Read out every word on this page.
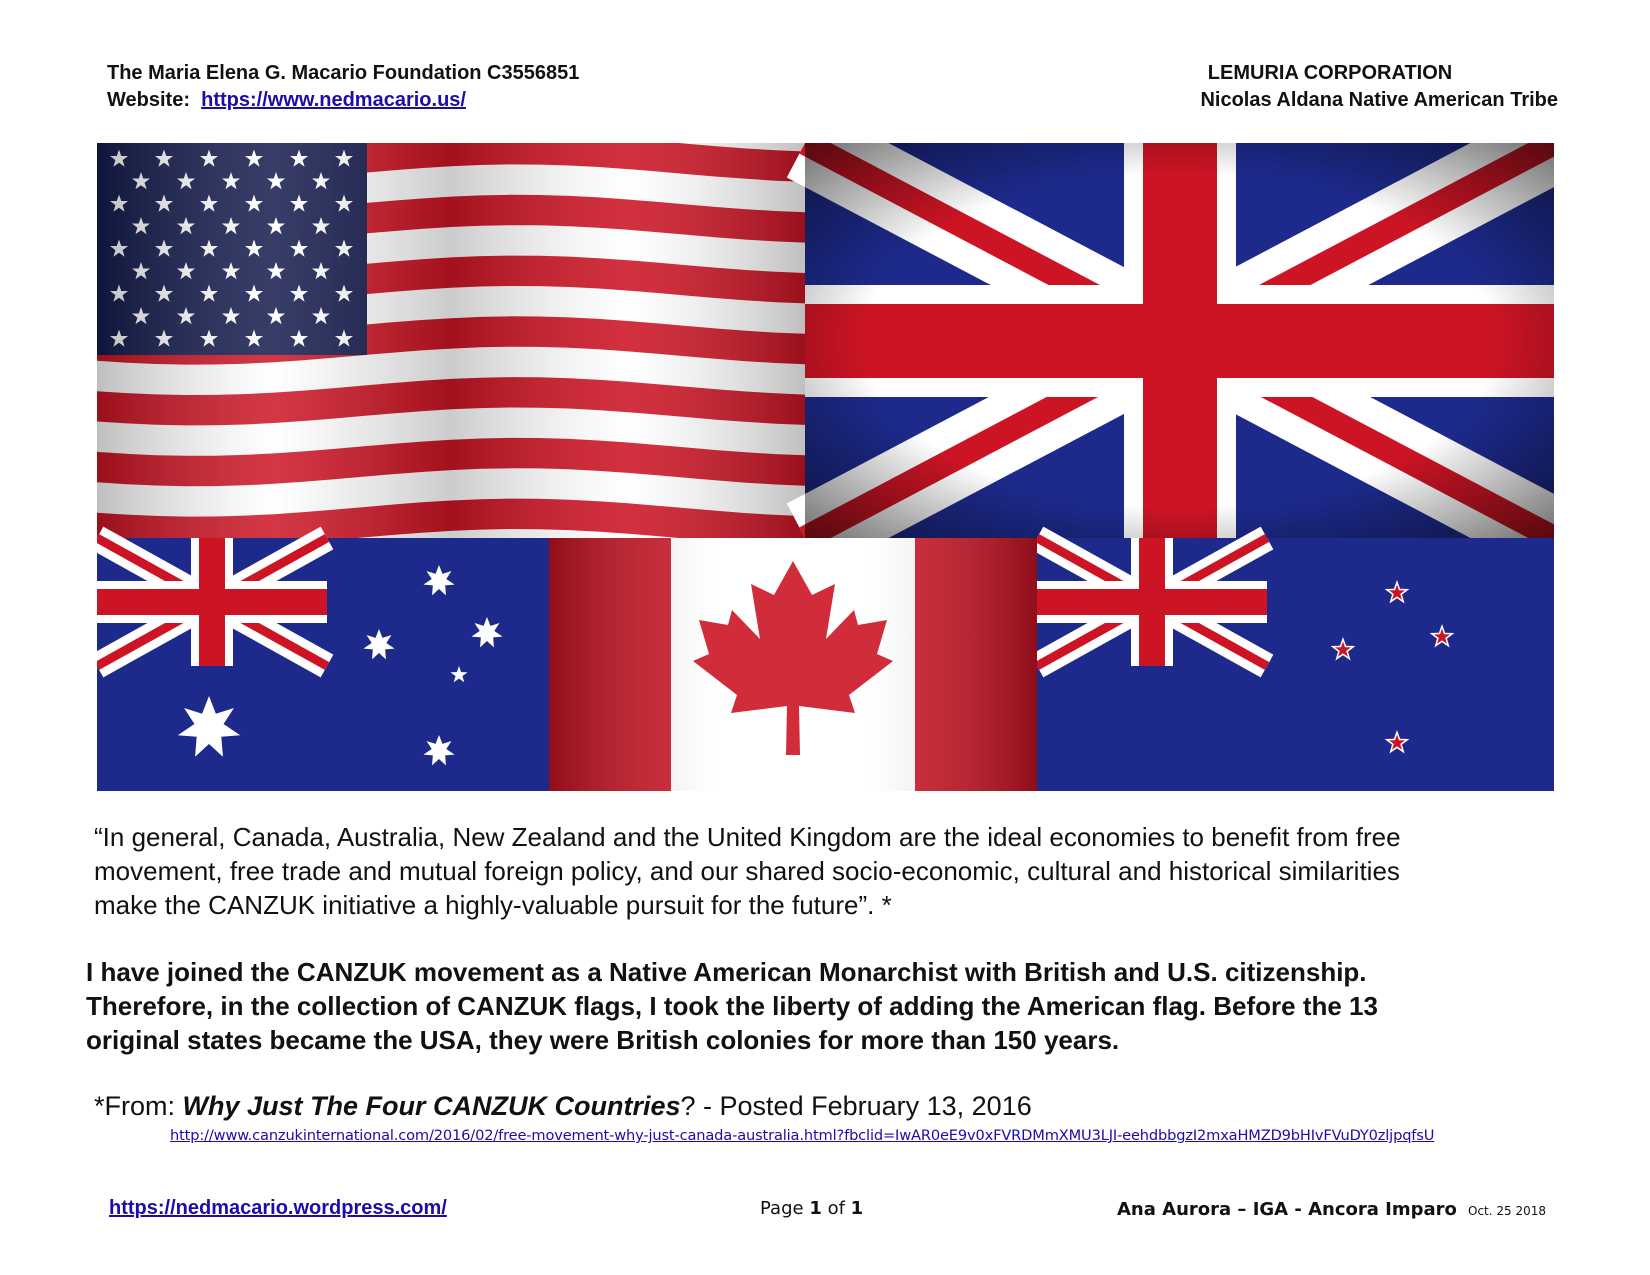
The Maria Elena G. Macario Foundation C3556851
Website: https://www.nedmacario.us/
LEMURIA CORPORATION
Nicolas Aldana Native American Tribe
“In general, Canada, Australia, New Zealand and the United Kingdom are the ideal economies to benefit from free
movement, free trade and mutual foreign policy, and our shared socio-economic, cultural and historical similarities
make the CANZUK initiative a highly-valuable pursuit for the future”. *
I have joined the CANZUK movement as a Native American Monarchist with British and U.S. citizenship.
Therefore, in the collection of CANZUK flags, I took the liberty of adding the American flag. Before the 13
original states became the USA, they were British colonies for more than 150 years.
*From: Why Just The Four CANZUK Countries? - Posted February 13, 2016
http://www.canzukinternational.com/2016/02/free-movement-why-just-canada-australia.html?fbclid=IwAR0eE9v0xFVRDMmXMU3LJI-eehdbbgzI2mxaHMZD9bHIvFVuDY0zljpqfsU
https://nedmacario.wordpress.com/	Page 1 of 1	Ana Aurora – IGA - Ancora Imparo Oct. 25 2018
